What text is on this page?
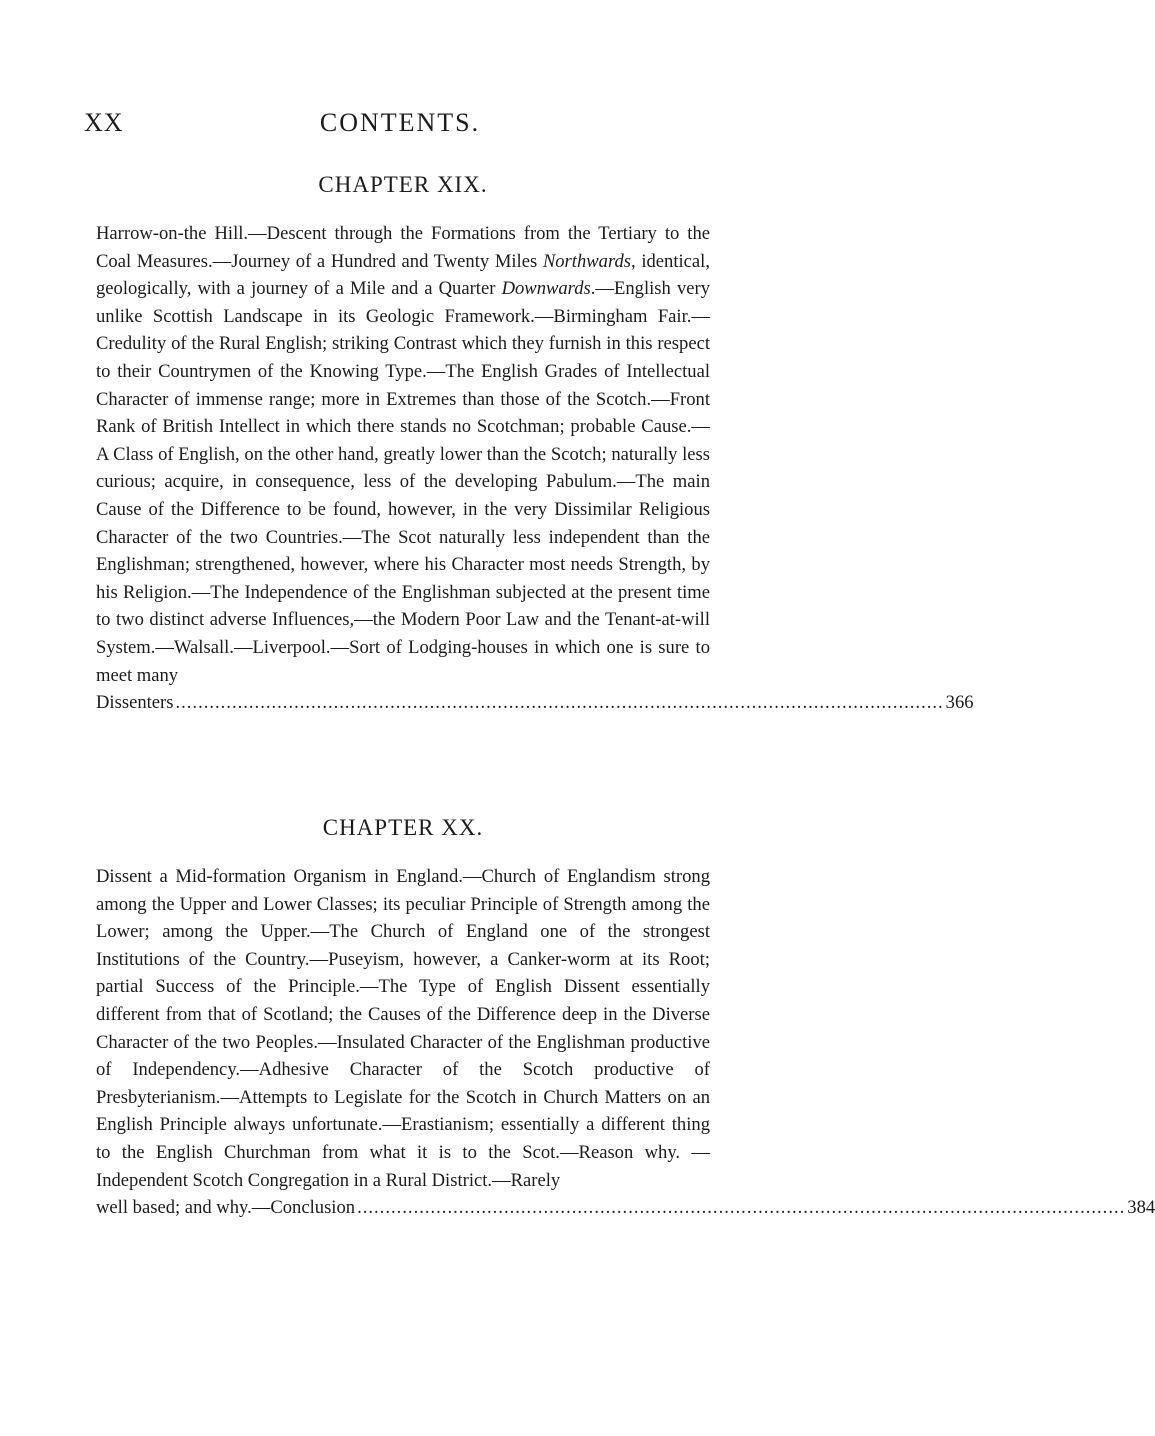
XX	CONTENTS.
CHAPTER XIX.

Harrow-on-the Hill.—Descent through the Formations from the Tertiary to the Coal Measures.—Journey of a Hundred and Twenty Miles Northwards, identical, geologically, with a journey of a Mile and a Quarter Downwards.—English very unlike Scottish Landscape in its Geologic Framework.—Birmingham Fair.—Credulity of the Rural English; striking Contrast which they furnish in this respect to their Countrymen of the Knowing Type.—The English Grades of Intellectual Character of immense range; more in Extremes than those of the Scotch.—Front Rank of British Intellect in which there stands no Scotchman; probable Cause.—A Class of English, on the other hand, greatly lower than the Scotch; naturally less curious; acquire, in consequence, less of the developing Pabulum.—The main Cause of the Difference to be found, however, in the very Dissimilar Religious Character of the two Countries.—The Scot naturally less independent than the Englishman; strengthened, however, where his Character most needs Strength, by his Religion.—The Independence of the Englishman subjected at the present time to two distinct adverse Influences,—the Modern Poor Law and the Tenant-at-will System.—Walsall.—Liverpool.—Sort of Lodging-houses in which one is sure to meet many

Dissenters ........................................................................................................................................ 366
CHAPTER XX.

Dissent a Mid-formation Organism in England.—Church of Englandism strong among the Upper and Lower Classes; its peculiar Principle of Strength among the Lower; among the Upper.—The Church of England one of the strongest Institutions of the Country.—Puseyism, however, a Canker-worm at its Root; partial Success of the Principle.—The Type of English Dissent essentially different from that of Scotland; the Causes of the Difference deep in the Diverse Character of the two Peoples.—Insulated Character of the Englishman productive of Independency.—Adhesive Character of the Scotch productive of Presbyterianism.—Attempts to Legislate for the Scotch in Church Matters on an English Principle always unfortunate.—Erastianism; essentially a different thing to the English Churchman from what it is to the Scot.—Reason why. —Independent Scotch Congregation in a Rural District.—Rarely

well based; and why.—Conclusion ........................................................................................................................................ 384
